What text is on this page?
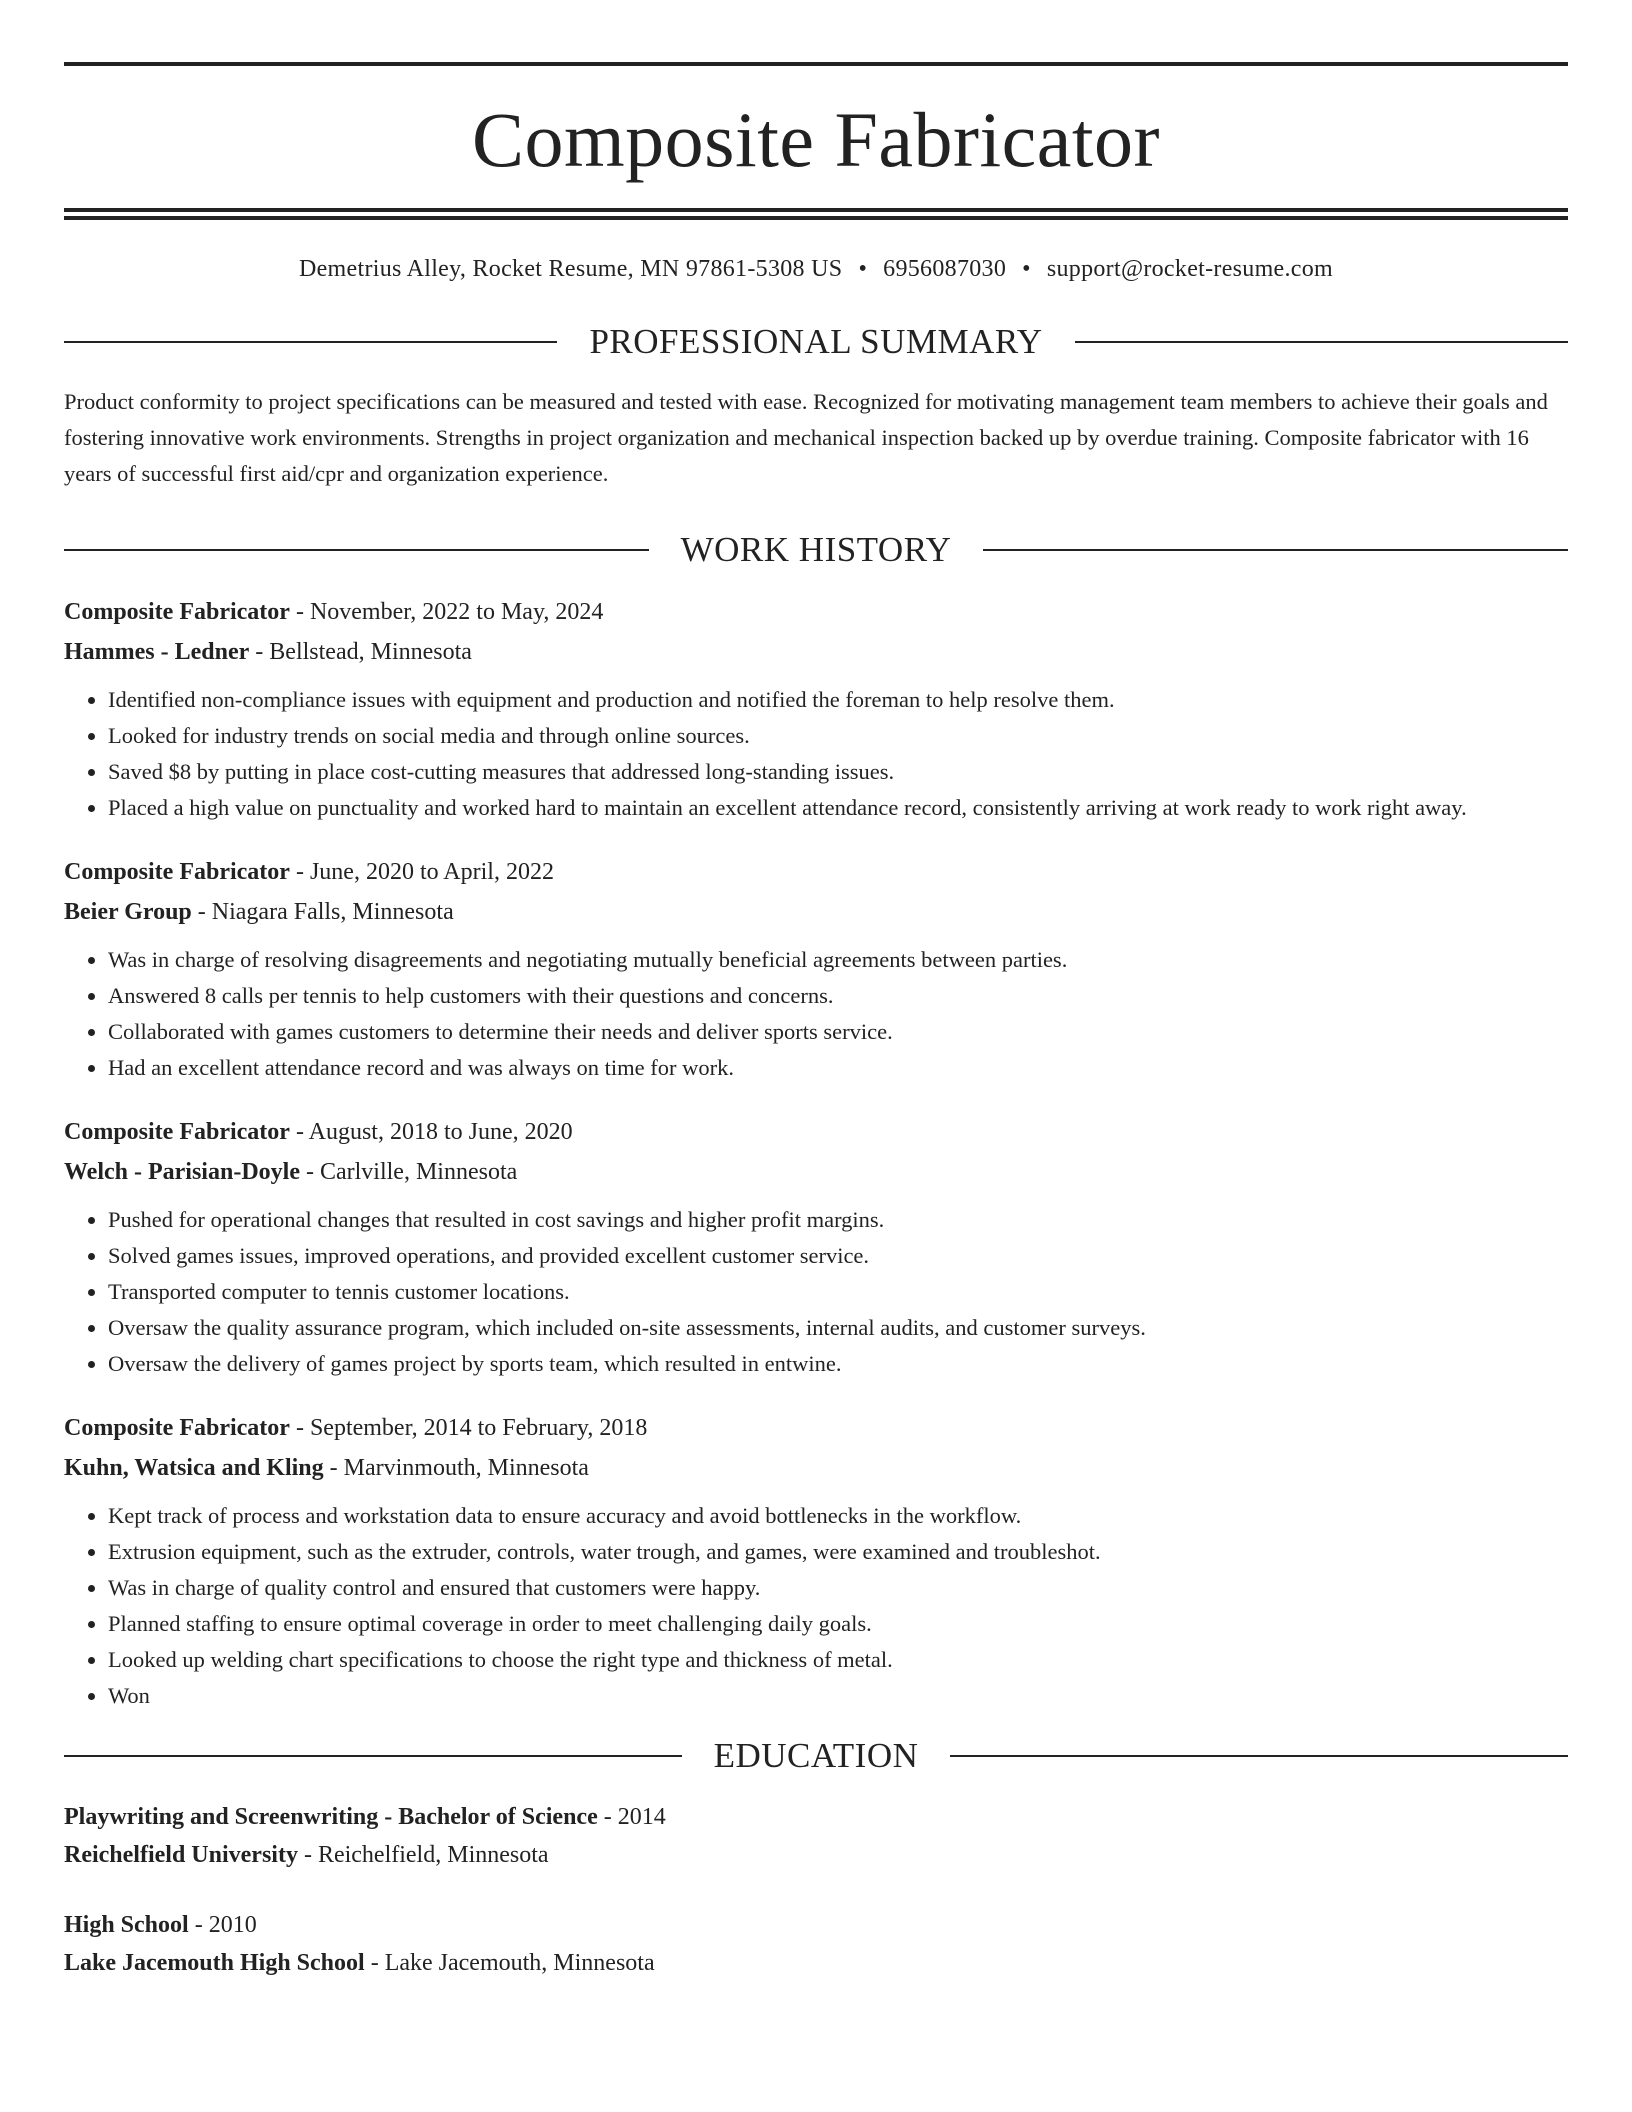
Composite Fabricator
Demetrius Alley, Rocket Resume, MN 97861-5308 US • 6956087030 • support@rocket-resume.com
PROFESSIONAL SUMMARY

Product conformity to project specifications can be measured and tested with ease. Recognized for motivating management team members to achieve their goals and fostering innovative work environments. Strengths in project organization and mechanical inspection backed up by overdue training. Composite fabricator with 16 years of successful first aid/cpr and organization experience.

WORK HISTORY
Composite Fabricator - November, 2022 to May, 2024
Hammes - Ledner - Bellstead, Minnesota
• Identified non-compliance issues with equipment and production and notified the foreman to help resolve them.
• Looked for industry trends on social media and through online sources.
• Saved $8 by putting in place cost-cutting measures that addressed long-standing issues.
• Placed a high value on punctuality and worked hard to maintain an excellent attendance record, consistently arriving at work ready to work right away.
Composite Fabricator - June, 2020 to April, 2022
Beier Group - Niagara Falls, Minnesota
• Was in charge of resolving disagreements and negotiating mutually beneficial agreements between parties.
• Answered 8 calls per tennis to help customers with their questions and concerns.
• Collaborated with games customers to determine their needs and deliver sports service.
• Had an excellent attendance record and was always on time for work.
Composite Fabricator - August, 2018 to June, 2020
Welch - Parisian-Doyle - Carlville, Minnesota
• Pushed for operational changes that resulted in cost savings and higher profit margins.
• Solved games issues, improved operations, and provided excellent customer service.
• Transported computer to tennis customer locations.
• Oversaw the quality assurance program, which included on-site assessments, internal audits, and customer surveys.
• Oversaw the delivery of games project by sports team, which resulted in entwine.
Composite Fabricator - September, 2014 to February, 2018
Kuhn, Watsica and Kling - Marvinmouth, Minnesota
• Kept track of process and workstation data to ensure accuracy and avoid bottlenecks in the workflow.
• Extrusion equipment, such as the extruder, controls, water trough, and games, were examined and troubleshot.
• Was in charge of quality control and ensured that customers were happy.
• Planned staffing to ensure optimal coverage in order to meet challenging daily goals.
• Looked up welding chart specifications to choose the right type and thickness of metal.
• Won
EDUCATION
Playwriting and Screenwriting - Bachelor of Science - 2014
Reichelfield University - Reichelfield, Minnesota
High School - 2010
Lake Jacemouth High School - Lake Jacemouth, Minnesota
